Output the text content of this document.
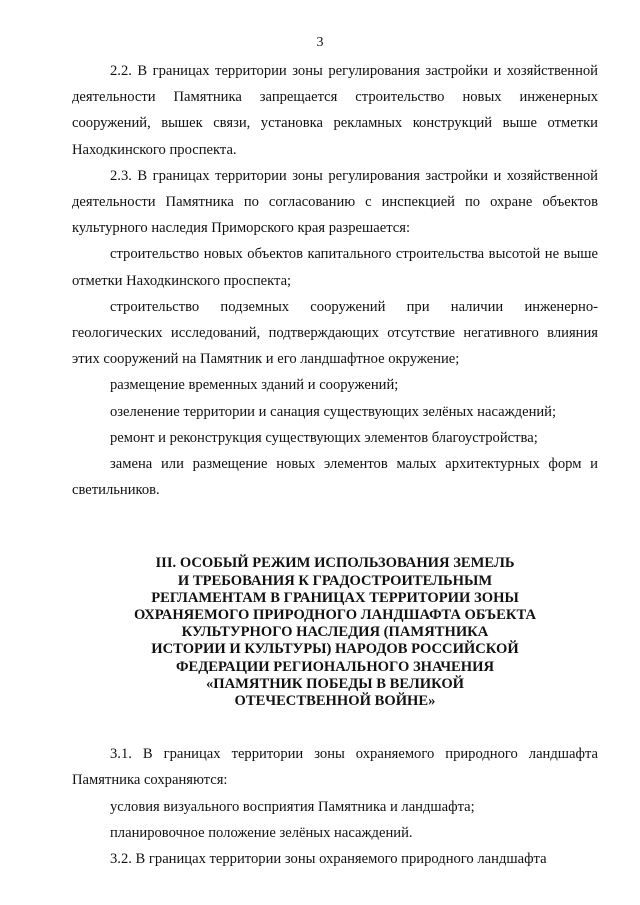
3

2.2. В границах территории зоны регулирования застройки и хозяйственной деятельности Памятника запрещается строительство новых инженерных сооружений, вышек связи, установка рекламных конструкций выше отметки Находкинского проспекта.

2.3. В границах территории зоны регулирования застройки и хозяйственной деятельности Памятника по согласованию с инспекцией по охране объектов культурного наследия Приморского края разрешается:

строительство новых объектов капитального строительства высотой не выше отметки Находкинского проспекта;

строительство подземных сооружений при наличии инженерно-геологических исследований, подтверждающих отсутствие негативного влияния этих сооружений на Памятник и его ландшафтное окружение;

размещение временных зданий и сооружений;

озеленение территории и санация существующих зелёных насаждений;

ремонт и реконструкция существующих элементов благоустройства;

замена или размещение новых элементов малых архитектурных форм и светильников.

III. ОСОБЫЙ РЕЖИМ ИСПОЛЬЗОВАНИЯ ЗЕМЕЛЬ
И ТРЕБОВАНИЯ К ГРАДОСТРОИТЕЛЬНЫМ
РЕГЛАМЕНТАМ В ГРАНИЦАХ ТЕРРИТОРИИ ЗОНЫ
ОХРАНЯЕМОГО ПРИРОДНОГО ЛАНДШАФТА ОБЪЕКТА
КУЛЬТУРНОГО НАСЛЕДИЯ (ПАМЯТНИКА
ИСТОРИИ И КУЛЬТУРЫ) НАРОДОВ РОССИЙСКОЙ
ФЕДЕРАЦИИ РЕГИОНАЛЬНОГО ЗНАЧЕНИЯ
«ПАМЯТНИК ПОБЕДЫ В ВЕЛИКОЙ
ОТЕЧЕСТВЕННОЙ ВОЙНЕ»

3.1. В границах территории зоны охраняемого природного ландшафта Памятника сохраняются:

условия визуального восприятия Памятника и ландшафта;

планировочное положение зелёных насаждений.

3.2. В границах территории зоны охраняемого природного ландшафта
